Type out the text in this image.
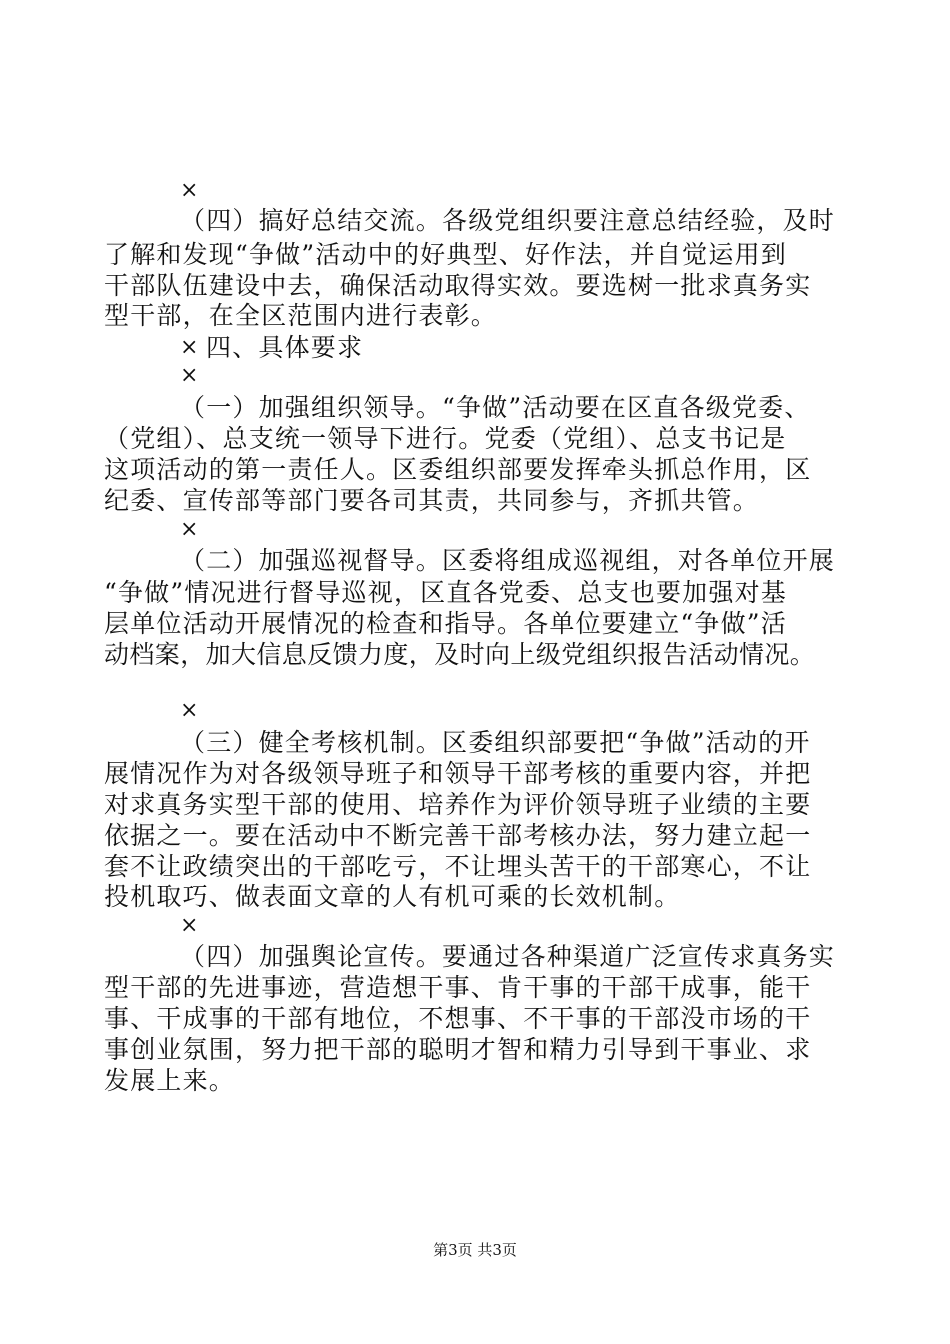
×
（四）搞好总结交流。各级党组织要注意总结经验，及时
了解和发现“争做”活动中的好典型、好作法，并自觉运用到
干部队伍建设中去，确保活动取得实效。要选树一批求真务实
型干部，在全区范围内进行表彰。
× 四、具体要求
×
（一）加强组织领导。“争做”活动要在区直各级党委、
（党组）、总支统一领导下进行。党委（党组）、总支书记是
这项活动的第一责任人。区委组织部要发挥牵头抓总作用，区
纪委、宣传部等部门要各司其责，共同参与，齐抓共管。
×
（二）加强巡视督导。区委将组成巡视组，对各单位开展
“争做”情况进行督导巡视，区直各党委、总支也要加强对基
层单位活动开展情况的检查和指导。各单位要建立“争做”活
动档案，加大信息反馈力度，及时向上级党组织报告活动情况。
×
（三）健全考核机制。区委组织部要把“争做”活动的开
展情况作为对各级领导班子和领导干部考核的重要内容，并把
对求真务实型干部的使用、培养作为评价领导班子业绩的主要
依据之一。要在活动中不断完善干部考核办法，努力建立起一
套不让政绩突出的干部吃亏，不让埋头苦干的干部寒心，不让
投机取巧、做表面文章的人有机可乘的长效机制。
×
（四）加强舆论宣传。要通过各种渠道广泛宣传求真务实
型干部的先进事迹，营造想干事、肯干事的干部干成事，能干
事、干成事的干部有地位，不想事、不干事的干部没市场的干
事创业氛围，努力把干部的聪明才智和精力引导到干事业、求
发展上来。
第3页 共3页
